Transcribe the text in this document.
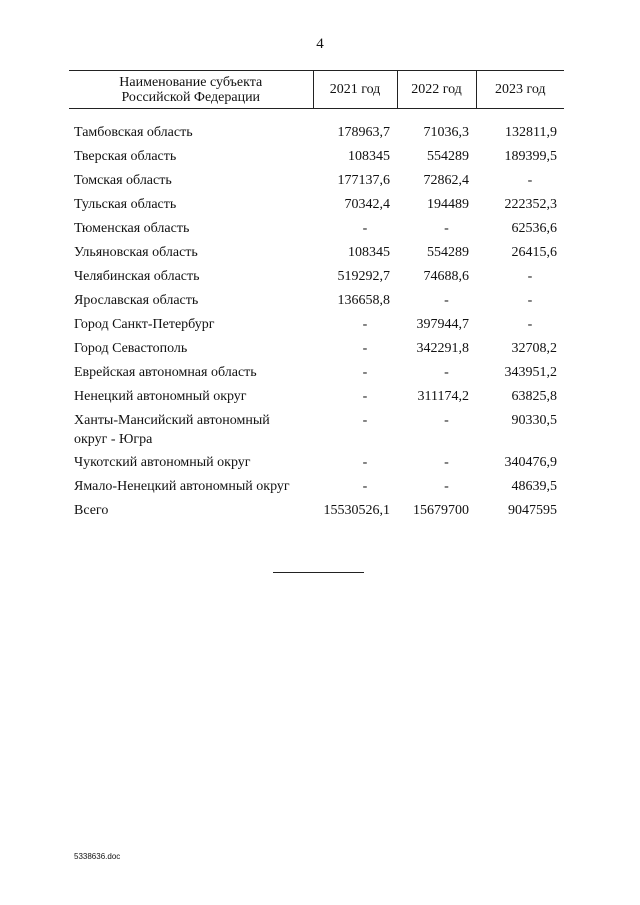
4
Наименование субъекта
Российской Федерации	2021 год	2022 год	2023 год

Тамбовская область	178963,7	71036,3	132811,9
Тверская область	108345	554289	189399,5
Томская область	177137,6	72862,4	-
Тульская область	70342,4	194489	222352,3
Тюменская область	-	-	62536,6
Ульяновская область	108345	554289	26415,6
Челябинская область	519292,7	74688,6	-
Ярославская область	136658,8	-	-
Город Санкт-Петербург	-	397944,7	-
Город Севастополь	-	342291,8	32708,2
Еврейская автономная область	-	-	343951,2
Ненецкий автономный округ	-	311174,2	63825,8
Ханты-Мансийский автономный
округ - Югра	-	-	90330,5
Чукотский автономный округ	-	-	340476,9
Ямало-Ненецкий автономный округ	-	-	48639,5
Всего	15530526,1	15679700	9047595
5338636.doc
